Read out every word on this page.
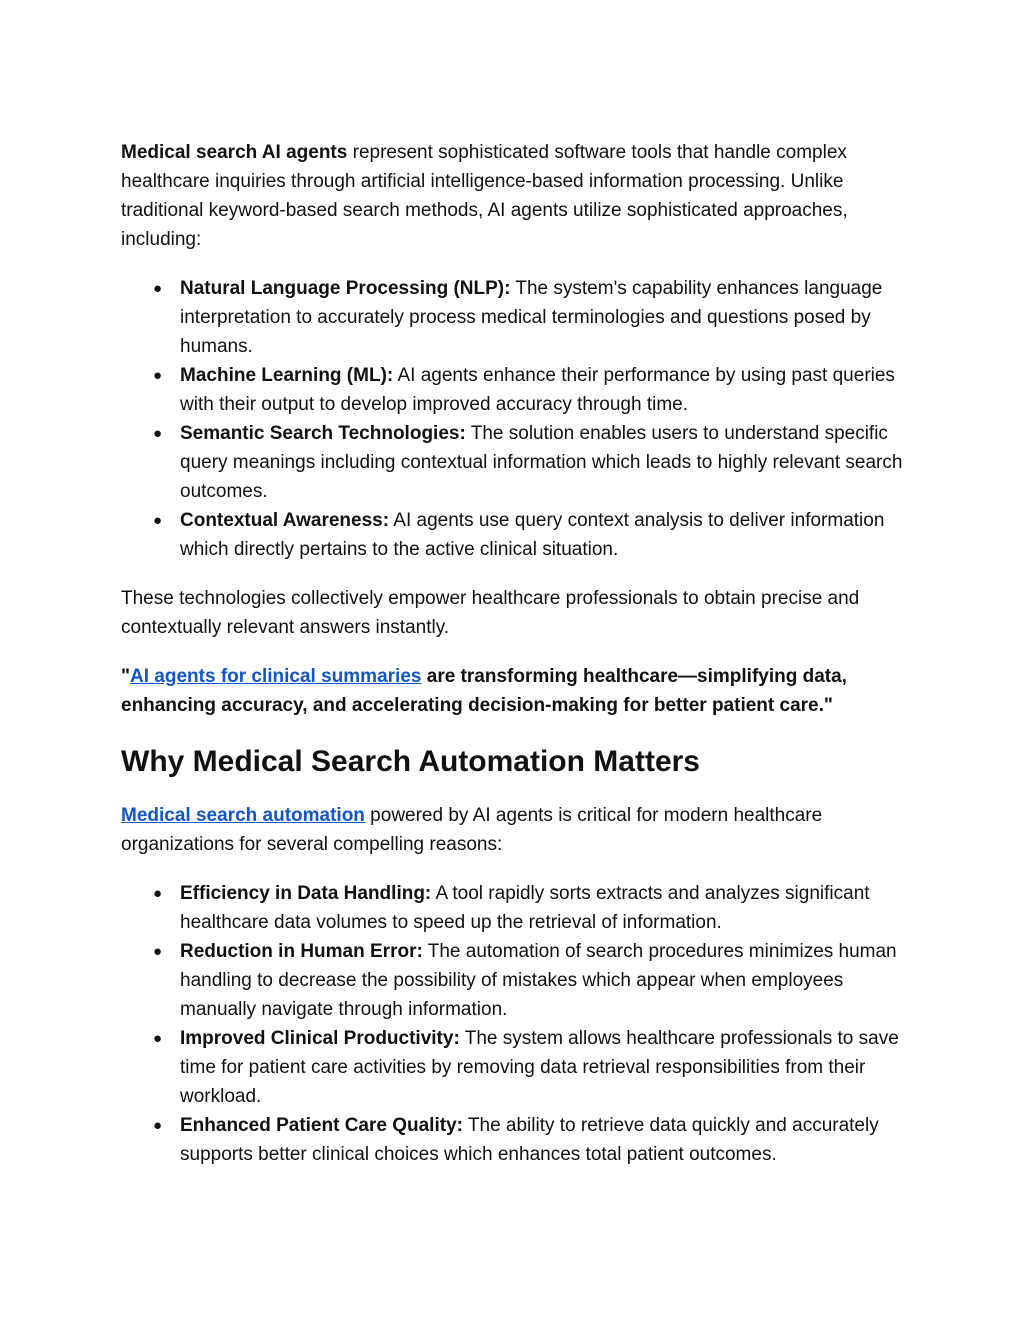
Medical search AI agents represent sophisticated software tools that handle complex healthcare inquiries through artificial intelligence-based information processing. Unlike traditional keyword-based search methods, AI agents utilize sophisticated approaches, including:

● Natural Language Processing (NLP): The system's capability enhances language interpretation to accurately process medical terminologies and questions posed by humans.
● Machine Learning (ML): AI agents enhance their performance by using past queries with their output to develop improved accuracy through time.
● Semantic Search Technologies: The solution enables users to understand specific query meanings including contextual information which leads to highly relevant search outcomes.
● Contextual Awareness: AI agents use query context analysis to deliver information which directly pertains to the active clinical situation.

These technologies collectively empower healthcare professionals to obtain precise and contextually relevant answers instantly.

"AI agents for clinical summaries are transforming healthcare—simplifying data, enhancing accuracy, and accelerating decision-making for better patient care."

Why Medical Search Automation Matters

Medical search automation powered by AI agents is critical for modern healthcare organizations for several compelling reasons:

● Efficiency in Data Handling: A tool rapidly sorts extracts and analyzes significant healthcare data volumes to speed up the retrieval of information.
● Reduction in Human Error: The automation of search procedures minimizes human handling to decrease the possibility of mistakes which appear when employees manually navigate through information.
● Improved Clinical Productivity: The system allows healthcare professionals to save time for patient care activities by removing data retrieval responsibilities from their workload.
● Enhanced Patient Care Quality: The ability to retrieve data quickly and accurately supports better clinical choices which enhances total patient outcomes.
